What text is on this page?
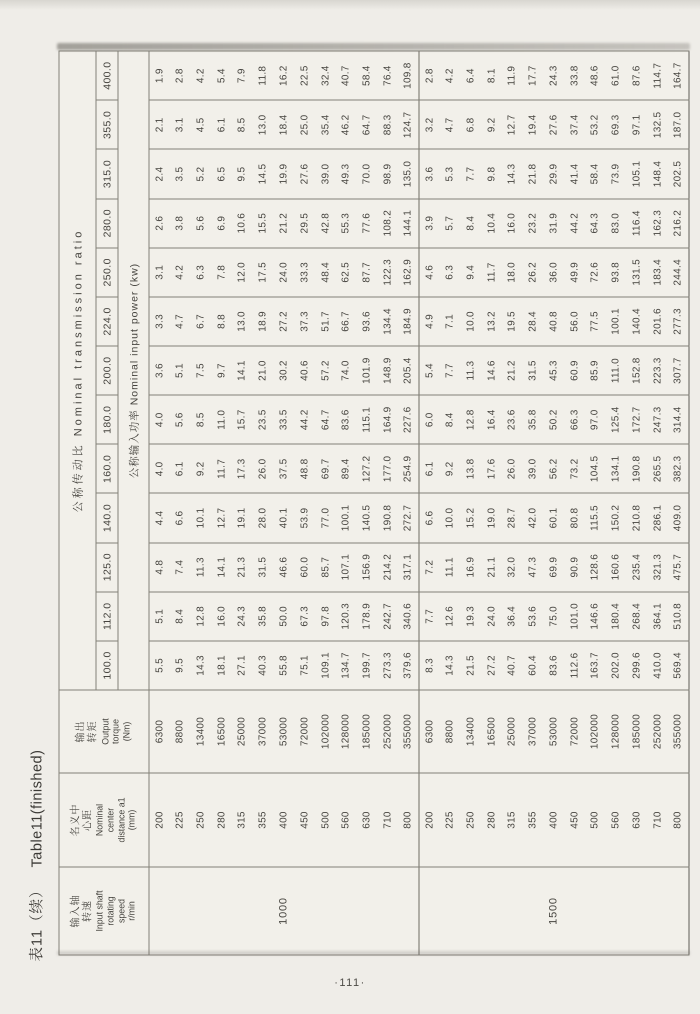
表11（续）Table11(finished)
输入轴 转速 Input shaft rotating speed r/min

名义中 心距 Nominal center distance a1 (mm)

输出 转矩 Output torque (Nm)
	公称传动比 Nominal transmission ratio
			100.0	112.0	125.0	140.0	160.0	180.0	200.0	224.0	250.0	280.0	315.0	355.0	400.0
			公称输入功率 Nominal input power (kw)												
1000	200	6300	5.5	5.1	4.8	4.4	4.0	4.0	3.6	3.3	3.1	2.6	2.4	2.1	1.9
	225	8800	9.5	8.4	7.4	6.6	6.1	5.6	5.1	4.7	4.2	3.8	3.5	3.1	2.8
	250	13400	14.3	12.8	11.3	10.1	9.2	8.5	7.5	6.7	6.3	5.6	5.2	4.5	4.2
	280	16500	18.1	16.0	14.1	12.7	11.7	11.0	9.7	8.8	7.8	6.9	6.5	6.1	5.4
	315	25000	27.1	24.3	21.3	19.1	17.3	15.7	14.1	13.0	12.0	10.6	9.5	8.5	7.9
	355	37000	40.3	35.8	31.5	28.0	26.0	23.5	21.0	18.9	17.5	15.5	14.5	13.0	11.8
	400	53000	55.8	50.0	46.6	40.1	37.5	33.5	30.2	27.2	24.0	21.2	19.9	18.4	16.2
	450	72000	75.1	67.3	60.0	53.9	48.8	44.2	40.6	37.3	33.3	29.5	27.6	25.0	22.5
	500	102000	109.1	97.8	85.7	77.0	69.7	64.7	57.2	51.7	48.4	42.8	39.0	35.4	32.4
	560	128000	134.7	120.3	107.1	100.1	89.4	83.6	74.0	66.7	62.5	55.3	49.3	46.2	40.7
	630	185000	199.7	178.9	156.9	140.5	127.2	115.1	101.9	93.6	87.7	77.6	70.0	64.7	58.4
	710	252000	273.3	242.7	214.2	190.8	177.0	164.9	148.9	134.4	122.3	108.2	98.9	88.3	76.4
	800	355000	379.6	340.6	317.1	272.7	254.9	227.6	205.4	184.9	162.9	144.1	135.0	124.7	109.8
1500	200	6300	8.3	7.7	7.2	6.6	6.1	6.0	5.4	4.9	4.6	3.9	3.6	3.2	2.8
	225	8800	14.3	12.6	11.1	10.0	9.2	8.4	7.7	7.1	6.3	5.7	5.3	4.7	4.2
	250	13400	21.5	19.3	16.9	15.2	13.8	12.8	11.3	10.0	9.4	8.4	7.7	6.8	6.4
	280	16500	27.2	24.0	21.1	19.0	17.6	16.4	14.6	13.2	11.7	10.4	9.8	9.2	8.1
	315	25000	40.7	36.4	32.0	28.7	26.0	23.6	21.2	19.5	18.0	16.0	14.3	12.7	11.9
	355	37000	60.4	53.6	47.3	42.0	39.0	35.8	31.5	28.4	26.2	23.2	21.8	19.4	17.7
	400	53000	83.6	75.0	69.9	60.1	56.2	50.2	45.3	40.8	36.0	31.9	29.9	27.6	24.3
	450	72000	112.6	101.0	90.9	80.8	73.2	66.3	60.9	56.0	49.9	44.2	41.4	37.4	33.8
	500	102000	163.7	146.6	128.6	115.5	104.5	97.0	85.9	77.5	72.6	64.3	58.4	53.2	48.6
	560	128000	202.0	180.4	160.6	150.2	134.1	125.4	111.0	100.1	93.8	83.0	73.9	69.3	61.0
	630	185000	299.6	268.4	235.4	210.8	190.8	172.7	152.8	140.4	131.5	116.4	105.1	97.1	87.6
	710	252000	410.0	364.1	321.3	286.1	265.5	247.3	223.3	201.6	183.4	162.3	148.4	132.5	114.7
	800	355000	569.4	510.8	475.7	409.0	382.3	314.4	307.7	277.3	244.4	216.2	202.5	187.0	164.7
·111·
